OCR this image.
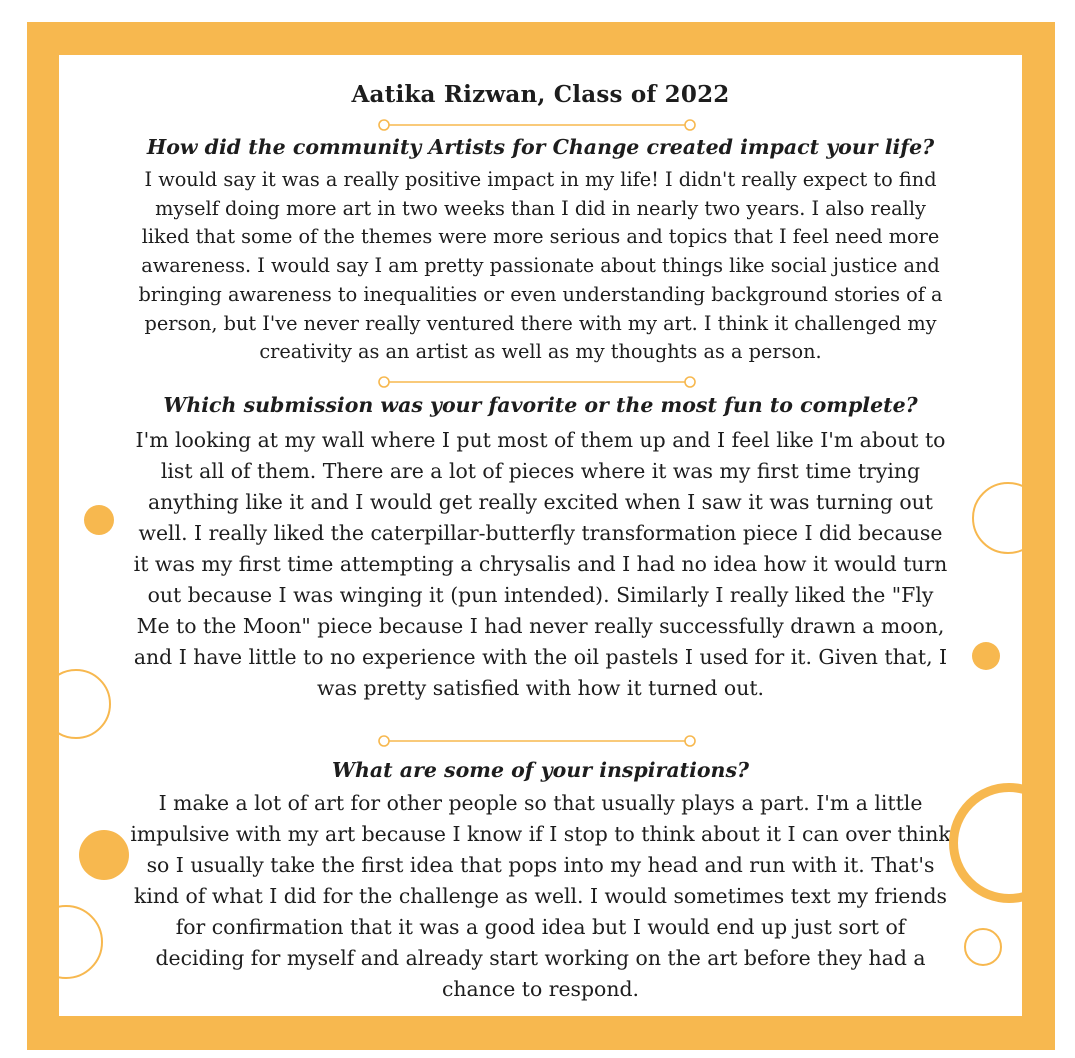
Aatika Rizwan, Class of 2022
How did the community Artists for Change created impact your life?
I would say it was a really positive impact in my life! I didn't really expect to find myself doing more art in two weeks than I did in nearly two years. I also really liked that some of the themes were more serious and topics that I feel need more awareness. I would say I am pretty passionate about things like social justice and bringing awareness to inequalities or even understanding background stories of a person, but I've never really ventured there with my art. I think it challenged my creativity as an artist as well as my thoughts as a person.
Which submission was your favorite or the most fun to complete?
I'm looking at my wall where I put most of them up and I feel like I'm about to list all of them. There are a lot of pieces where it was my first time trying anything like it and I would get really excited when I saw it was turning out well. I really liked the caterpillar-butterfly transformation piece I did because it was my first time attempting a chrysalis and I had no idea how it would turn out because I was winging it (pun intended). Similarly I really liked the "Fly Me to the Moon" piece because I had never really successfully drawn a moon, and I have little to no experience with the oil pastels I used for it. Given that, I was pretty satisfied with how it turned out.
What are some of your inspirations?
I make a lot of art for other people so that usually plays a part. I'm a little impulsive with my art because I know if I stop to think about it I can over think so I usually take the first idea that pops into my head and run with it. That's kind of what I did for the challenge as well. I would sometimes text my friends for confirmation that it was a good idea but I would end up just sort of deciding for myself and already start working on the art before they had a chance to respond.
